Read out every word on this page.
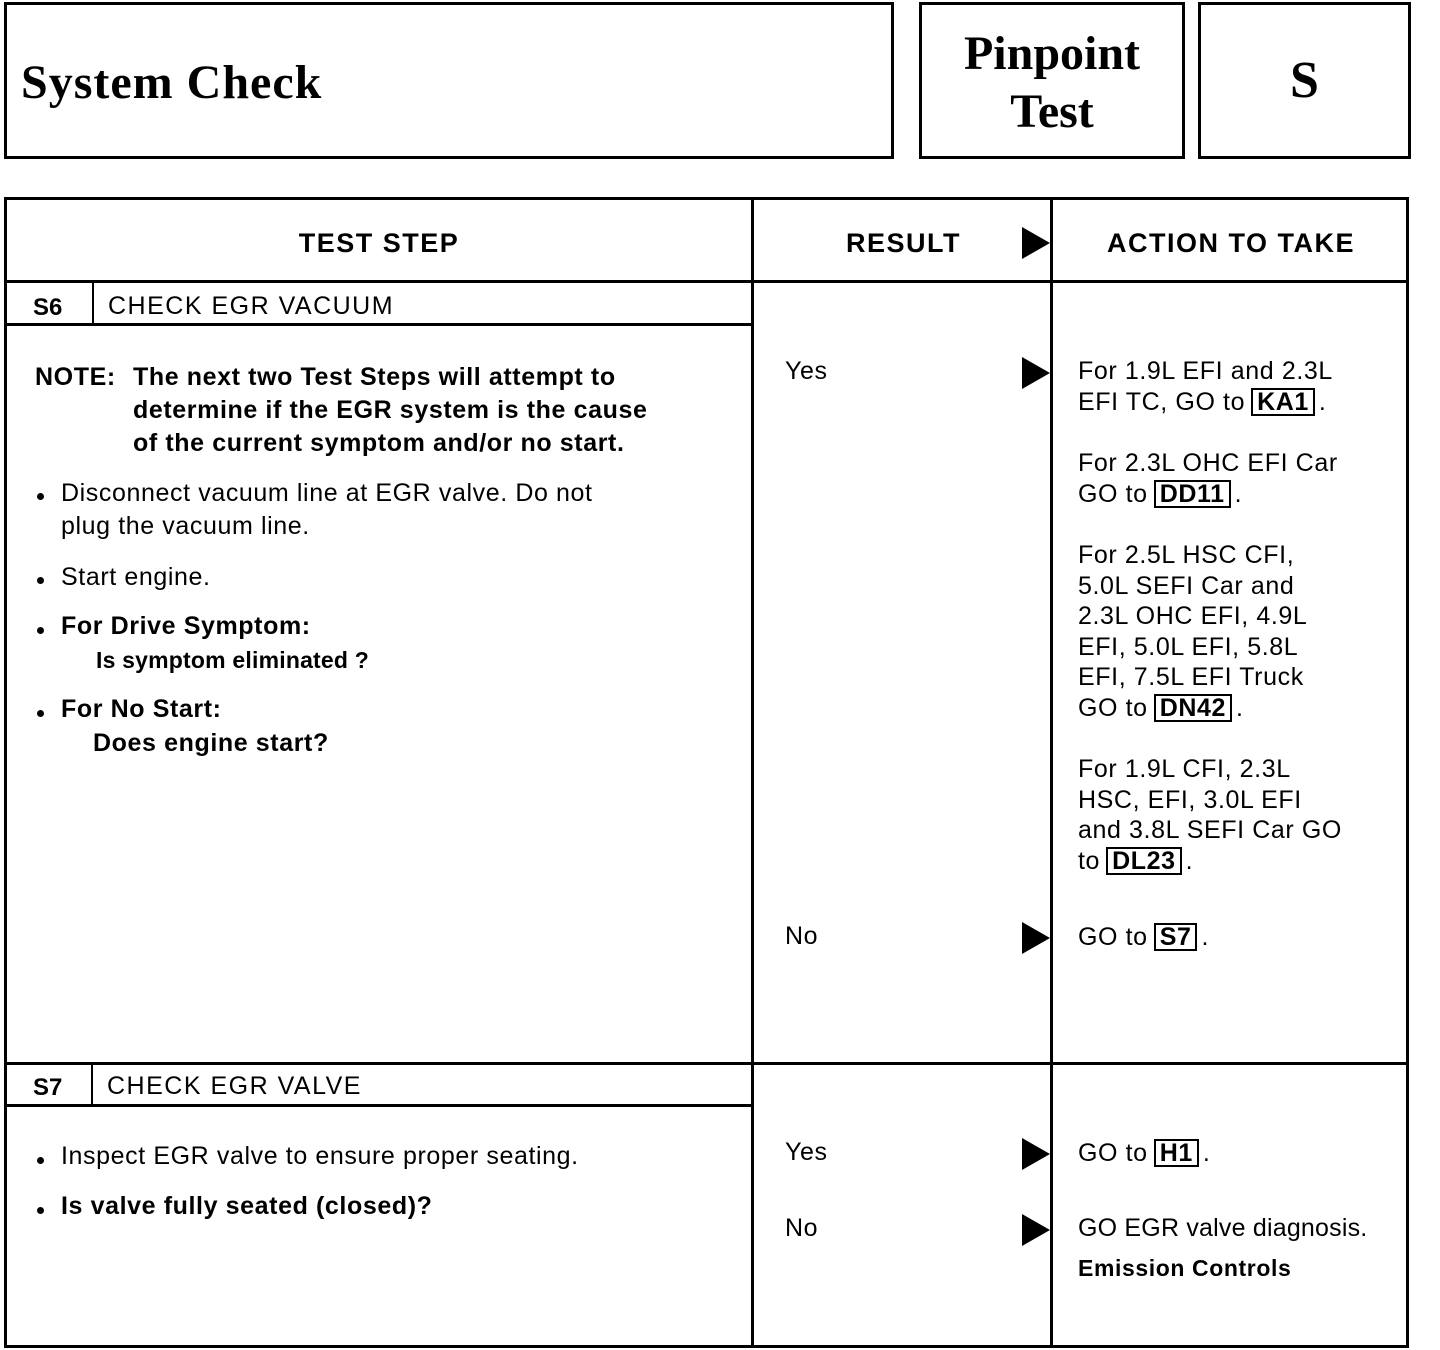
System Check
Pinpoint
Test
S
TEST STEP	RESULT	ACTION TO TAKE
S6 CHECK EGR VACUUM
NOTE: The next two Test Steps will attempt to
determine if the EGR system is the cause
of the current symptom and/or no start.
Disconnect vacuum line at EGR valve. Do not
plug the vacuum line.
Start engine.
For Drive Symptom:
Is symptom eliminated ?
For No Start:
Does engine start?
Yes
No
For 1.9L EFI and 2.3L
EFI TC, GO to KA1 .
For 2.3L OHC EFI Car
GO to DD11 .
For 2.5L HSC CFI,
5.0L SEFI Car and
2.3L OHC EFI, 4.9L
EFI, 5.0L EFI, 5.8L
EFI, 7.5L EFI Truck
GO to DN42 .
For 1.9L CFI, 2.3L
HSC, EFI, 3.0L EFI
and 3.8L SEFI Car GO
to DL23 .
GO to S7 .
S7 CHECK EGR VALVE
Inspect EGR valve to ensure proper seating.
Is valve fully seated (closed)?
Yes
No
GO to H1 .
GO EGR valve diagnosis.
Emission Controls
